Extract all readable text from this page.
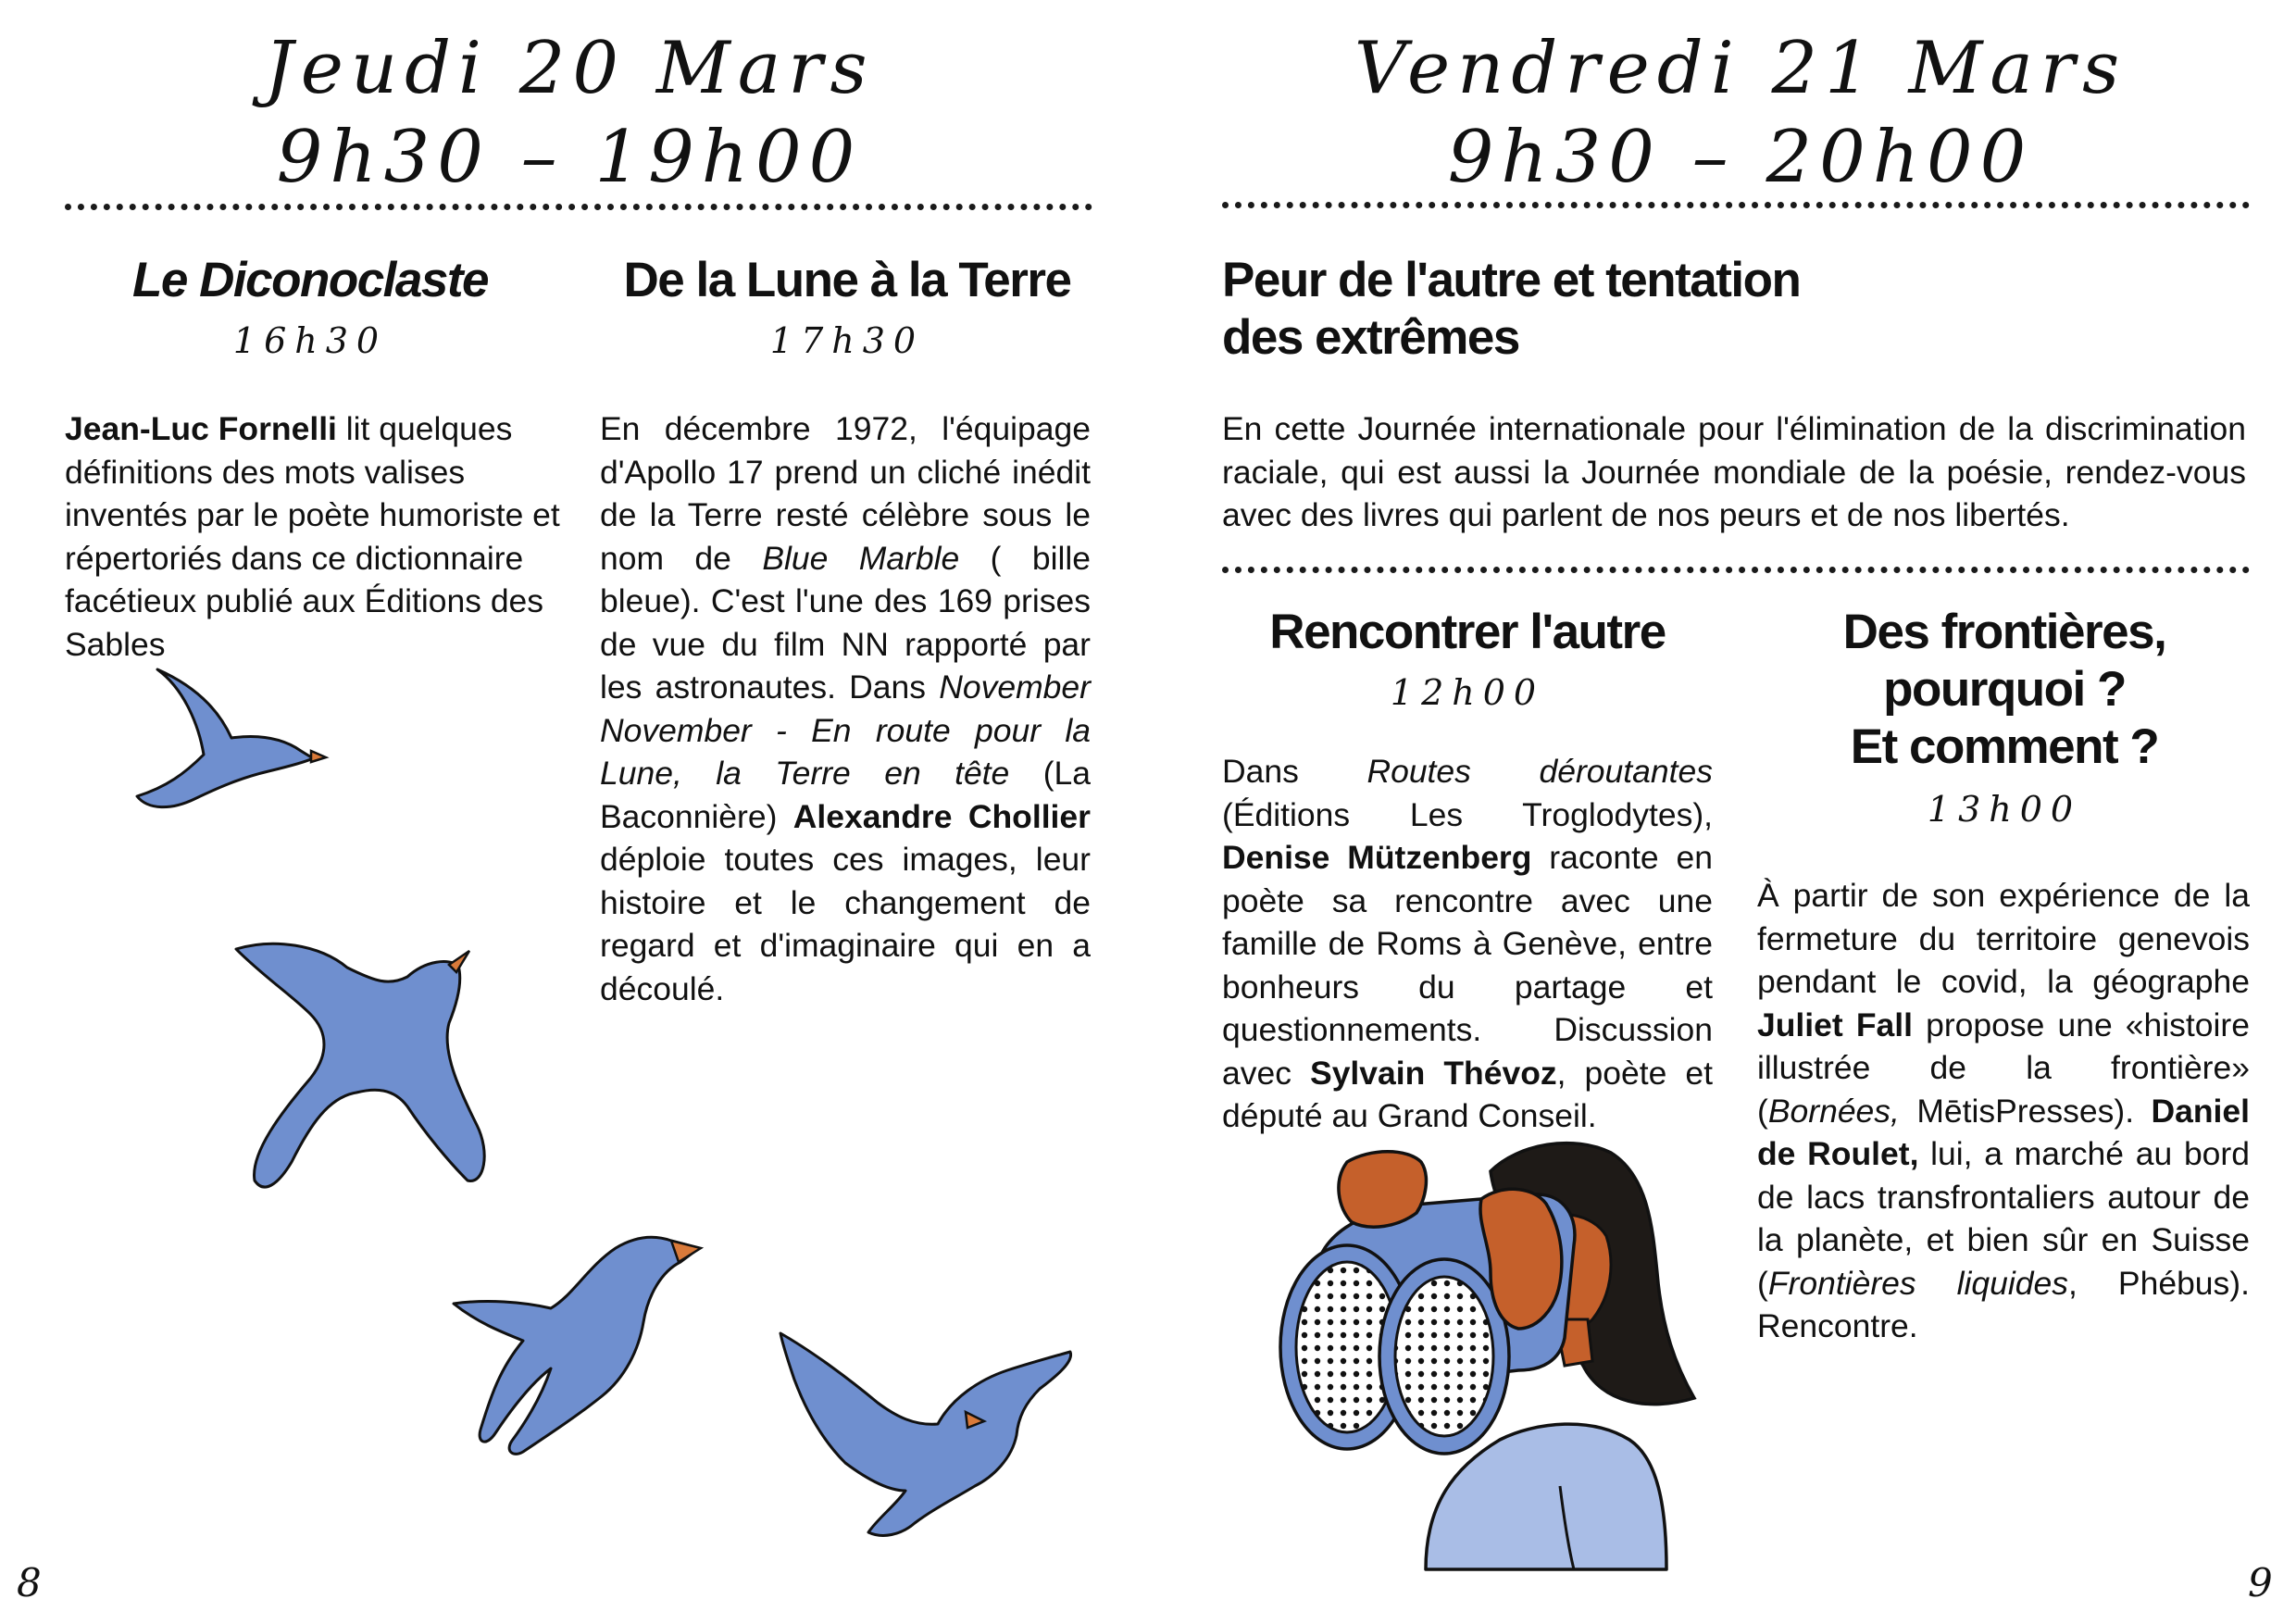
Jeudi 20 Mars
9h30 – 19h00
Le Diconoclaste
16h30

Jean-Luc Fornelli lit quelques définitions des mots valises inventés par le poète humoriste et répertoriés dans ce dictionnaire facétieux publié aux Éditions des Sables

De la Lune à la Terre
17h30

En décembre 1972, l'équipage d'Apollo 17 prend un cliché inédit de la Terre resté célèbre sous le nom de Blue Marble ( bille bleue). C'est l'une des 169 prises de vue du film NN rapporté par les astronautes. Dans November November - En route pour la Lune, la Terre en tête (La Baconnière) Alexandre Chollier déploie toutes ces images, leur histoire et le changement de regard et d'imaginaire qui en a découlé.

8
Vendredi 21 Mars
9h30 – 20h00
Peur de l'autre et tentation
des extrêmes

En cette Journée internationale pour l'élimination de la discrimination raciale, qui est aussi la Journée mondiale de la poésie, rendez-vous avec des livres qui parlent de nos peurs et de nos libertés.

Rencontrer l'autre
12h00

Dans Routes déroutantes (Éditions Les Troglodytes), Denise Mützenberg raconte en poète sa rencontre avec une famille de Roms à Genève, entre bonheurs du partage et questionnements. Discussion avec Sylvain Thévoz, poète et député au Grand Conseil.

Des frontières,
pourquoi ?
Et comment ?
13h00

À partir de son expérience de la fermeture du territoire genevois pendant le covid, la géographe Juliet Fall propose une «histoire illustrée de la frontière» (Bornées, MētisPresses). Daniel de Roulet, lui, a marché au bord de lacs transfrontaliers autour de la planète, et bien sûr en Suisse (Frontières liquides, Phébus). Rencontre.

9
